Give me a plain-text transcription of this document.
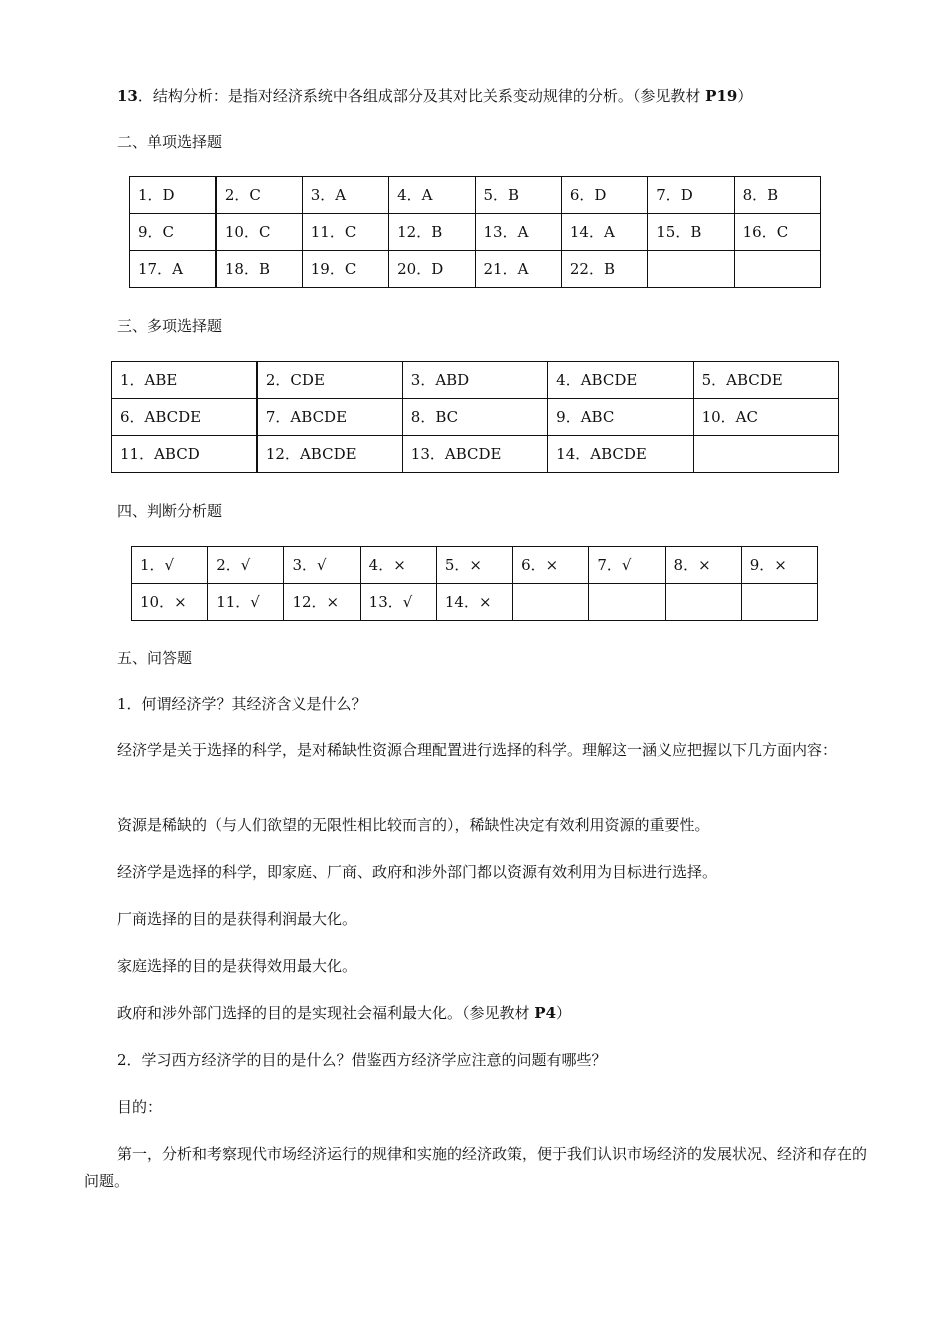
13．结构分析：是指对经济系统中各组成部分及其对比关系变动规律的分析。（参见教材 P19）
二、单项选择题
1．D	2．C	3．A	4．A	5．B	6．D	7．D	8．B
9．C	10．C	11．C	12．B	13．A	14．A	15．B	16．C
17．A	18．B	19．C	20．D	21．A	22．B		
三、多项选择题
1．ABE	2．CDE	3．ABD	4．ABCDE	5．ABCDE
6．ABCDE	7．ABCDE	8．BC	9．ABC	10．AC
11．ABCD	12．ABCDE	13．ABCDE	14．ABCDE	
四、判断分析题
1．√	2．√	3．√	4．×	5．×	6．×	7．√	8．×	9．×
10．×	11．√	12．×	13．√	14．×				
五、问答题
1．何谓经济学？其经济含义是什么？
经济学是关于选择的科学，是对稀缺性资源合理配置进行选择的科学。理解这一涵义应把握以下几方面内容：
资源是稀缺的（与人们欲望的无限性相比较而言的），稀缺性决定有效利用资源的重要性。
经济学是选择的科学，即家庭、厂商、政府和涉外部门都以资源有效利用为目标进行选择。
厂商选择的目的是获得利润最大化。
家庭选择的目的是获得效用最大化。
政府和涉外部门选择的目的是实现社会福利最大化。（参见教材 P4）
2．学习西方经济学的目的是什么？借鉴西方经济学应注意的问题有哪些？
目的：
第一，分析和考察现代市场经济运行的规律和实施的经济政策，便于我们认识市场经济的发展状况、经济和存在的问题。
